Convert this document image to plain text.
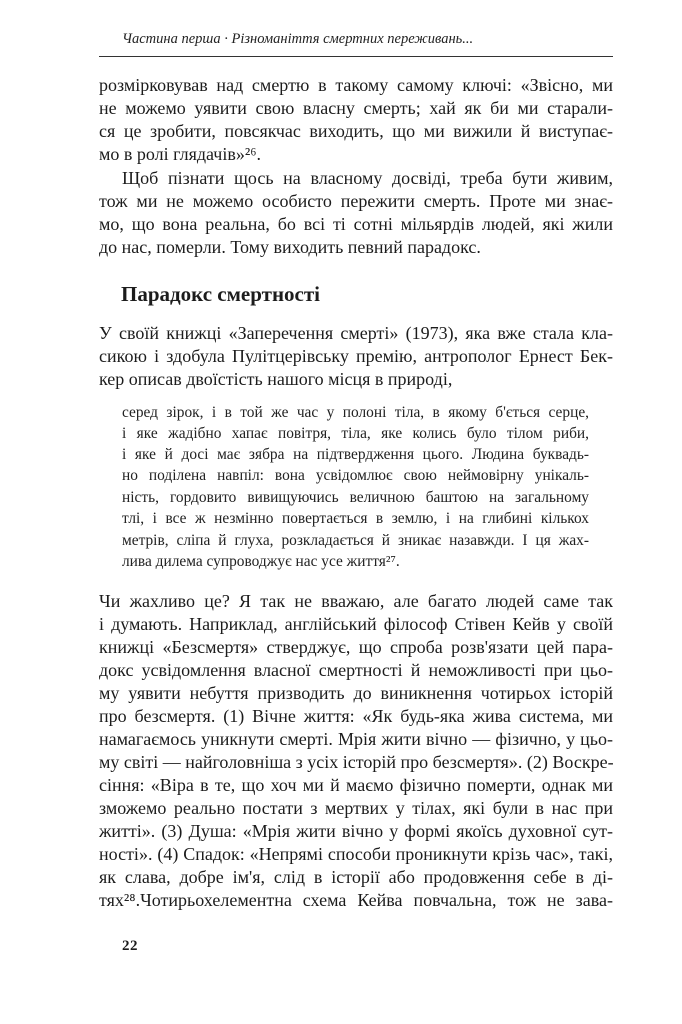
Частина перша · Різноманіття смертних переживань...
розмірковував над смертю в такому самому ключі: «Звісно, ми
не можемо уявити свою власну смерть; хай як би ми старали-
ся це зробити, повсякчас виходить, що ми вижили й виступає-
мо в ролі глядачів»²⁶.
Щоб пізнати щось на власному досвіді, треба бути живим,
тож ми не можемо особисто пережити смерть. Проте ми знає-
мо, що вона реальна, бо всі ті сотні мільярдів людей, які жили
до нас, померли. Тому виходить певний парадокс.
Парадокс смертності
У своїй книжці «Заперечення смерті» (1973), яка вже стала кла-
сикою і здобула Пулітцерівську премію, антрополог Ернест Бек-
кер описав двоїстість нашого місця в природі,
серед зірок, і в той же час у полоні тіла, в якому б'ється серце,
і яке жадібно хапає повітря, тіла, яке колись було тілом риби,
і яке й досі має зябра на підтвердження цього. Людина буквадь-
но поділена навпіл: вона усвідомлює свою неймовірну унікаль-
ність, гордовито вивищуючись величною баштою на загальному
тлі, і все ж незмінно повертається в землю, і на глибині кількох
метрів, сліпа й глуха, розкладається й зникає назавжди. І ця жах-
лива дилема супроводжує нас усе життя²⁷.
Чи жахливо це? Я так не вважаю, але багато людей саме так
і думають. Наприклад, англійський філософ Стівен Кейв у своїй
книжці «Безсмертя» стверджує, що спроба розв'язати цей пара-
докс усвідомлення власної смертності й неможливості при цьо-
му уявити небуття призводить до виникнення чотирьох історій
про безсмертя. (1) Вічне життя: «Як будь-яка жива система, ми
намагаємось уникнути смерті. Мрія жити вічно — фізично, у цьо-
му світі — найголовніша з усіх історій про безсмертя». (2) Воскре-
сіння: «Віра в те, що хоч ми й маємо фізично померти, однак ми
зможемо реально постати з мертвих у тілах, які були в нас при
житті». (3) Душа: «Мрія жити вічно у формі якоїсь духовної сут-
ності». (4) Спадок: «Непрямі способи проникнути крізь час», такі,
як слава, добре ім'я, слід в історії або продовження себе в ді-
тях²⁸.Чотирьохелементна схема Кейва повчальна, тож не зава-
22
